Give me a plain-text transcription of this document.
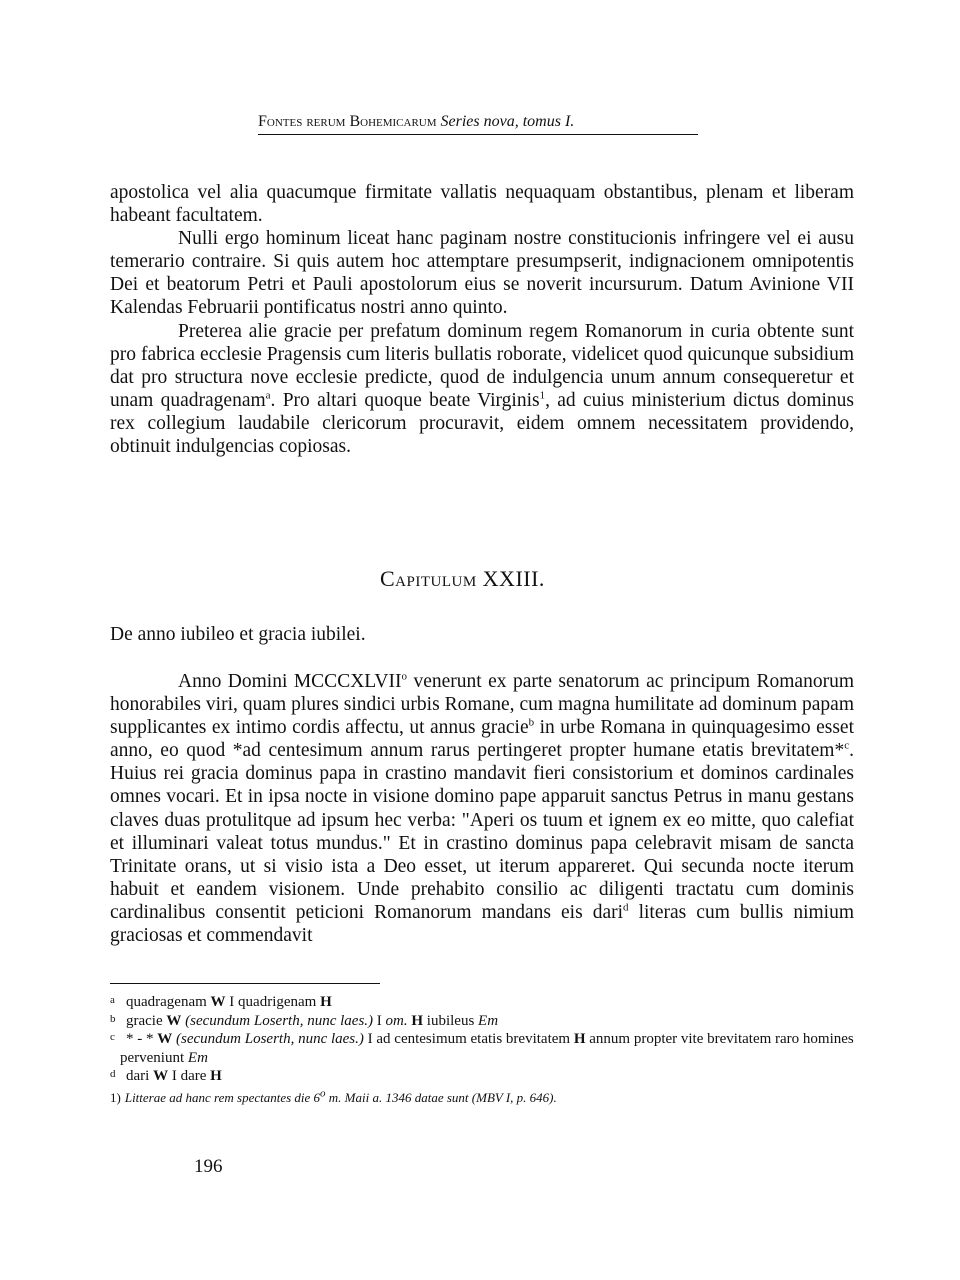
Fontes rerum Bohemicarum Series nova, tomus I.

apostolica vel alia quacumque firmitate vallatis nequaquam obstantibus, plenam et liberam habeant facultatem.

Nulli ergo hominum liceat hanc paginam nostre constitucionis infringere vel ei ausu temerario contraire. Si quis autem hoc attemptare presumpserit, indignacionem omnipotentis Dei et beatorum Petri et Pauli apostolorum eius se noverit incursurum. Datum Avinione VII Kalendas Februarii pontificatus nostri anno quinto.

Preterea alie gracie per prefatum dominum regem Romanorum in curia obtente sunt pro fabrica ecclesie Pragensis cum literis bullatis roborate, videlicet quod quicunque subsidium dat pro structura nove ecclesie predicte, quod de indulgencia unum annum consequeretur et unam quadragenam$^a$. Pro altari quoque beate Virginis$^1$, ad cuius ministerium dictus dominus rex collegium laudabile clericorum procuravit, eidem omnem necessitatem providendo, obtinuit indulgencias copiosas.

Capitulum XXIII.
De anno iubileo et gracia iubilei.

Anno Domini MCCCXLVII$^o$ venerunt ex parte senatorum ac principum Romanorum honorabiles viri, quam plures sindici urbis Romane, cum magna humilitate ad dominum papam supplicantes ex intimo cordis affectu, ut annus gracie$^b$ in urbe Romana in quinquagesimo esset anno, eo quod *ad centesimum annum rarus pertingeret propter humane etatis brevitatem*$^c$. Huius rei gracia dominus papa in crastino mandavit fieri consistorium et dominos cardinales omnes vocari. Et in ipsa nocte in visione domino pape apparuit sanctus Petrus in manu gestans claves duas protulitque ad ipsum hec verba: "Aperi os tuum et ignem ex eo mitte, quo calefiat et illuminari valeat totus mundus." Et in crastino dominus papa celebravit misam de sancta Trinitate orans, ut si visio ista a Deo esset, ut iterum appareret. Qui secunda nocte iterum habuit et eandem visionem. Unde prehabito consilio ac diligenti tractatu cum dominis cardinalibus consentit peticioni Romanorum mandans eis dari$^d$ literas cum bullis nimium graciosas et commendavit

a quadragenam W I quadrigenam H
b gracie W (secundum Loserth, nunc laes.) I om. H iubileus Em
c * - * W (secundum Loserth, nunc laes.) I ad centesimum etatis brevitatem H annum propter vite brevitatem raro homines perveniunt Em
d dari W I dare H
1) Litterae ad hanc rem spectantes die 6$^o$ m. Maii a. 1346 datae sunt (MBV I, p. 646).
196
